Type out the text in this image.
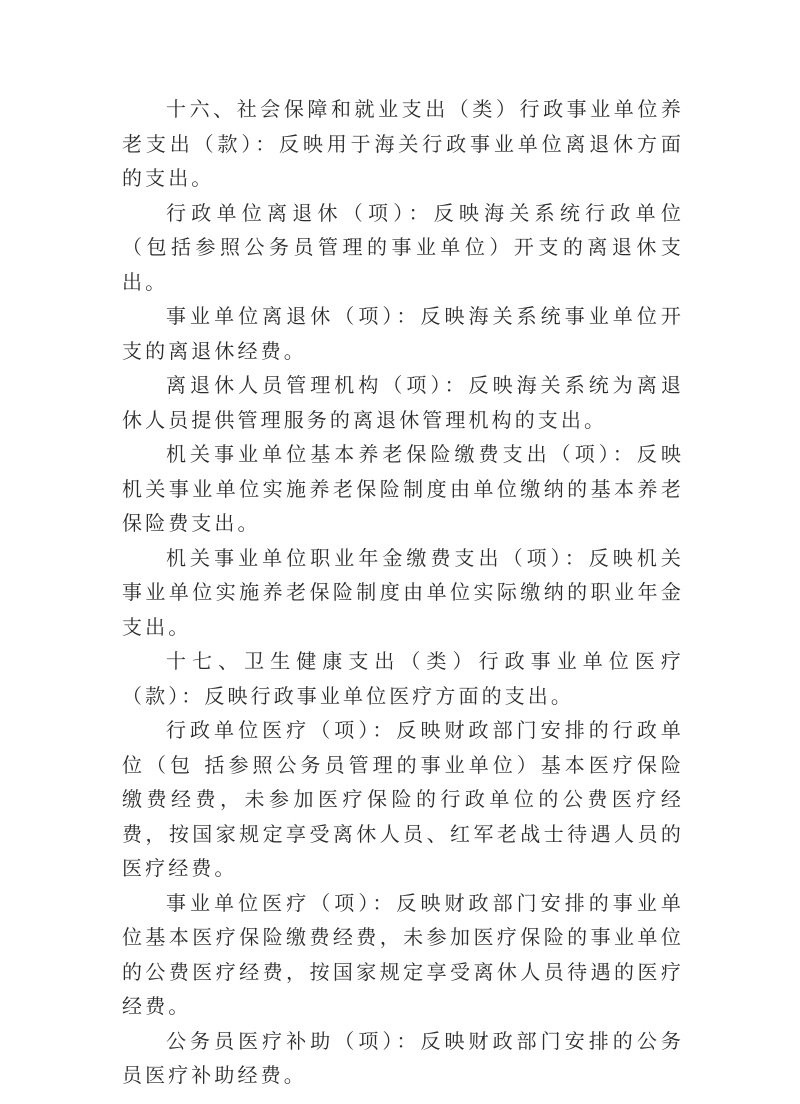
十六、社会保障和就业支出（类）行政事业单位养老支出（款）：反映用于海关行政事业单位离退休方面的支出。

行政单位离退休（项）：反映海关系统行政单位（包括参照公务员管理的事业单位）开支的离退休支出。

事业单位离退休（项）：反映海关系统事业单位开支的离退休经费。

离退休人员管理机构（项）：反映海关系统为离退休人员提供管理服务的离退休管理机构的支出。

机关事业单位基本养老保险缴费支出（项）：反映机关事业单位实施养老保险制度由单位缴纳的基本养老保险费支出。

机关事业单位职业年金缴费支出（项）：反映机关事业单位实施养老保险制度由单位实际缴纳的职业年金支出。

十七、卫生健康支出（类）行政事业单位医疗（款）：反映行政事业单位医疗方面的支出。

行政单位医疗（项）：反映财政部门安排的行政单位（包 括参照公务员管理的事业单位）基本医疗保险缴费经费，未参加医疗保险的行政单位的公费医疗经费，按国家规定享受离休人员、红军老战士待遇人员的医疗经费。

事业单位医疗（项）：反映财政部门安排的事业单位基本医疗保险缴费经费，未参加医疗保险的事业单位的公费医疗经费，按国家规定享受离休人员待遇的医疗经费。

公务员医疗补助（项）：反映财政部门安排的公务员医疗补助经费。
